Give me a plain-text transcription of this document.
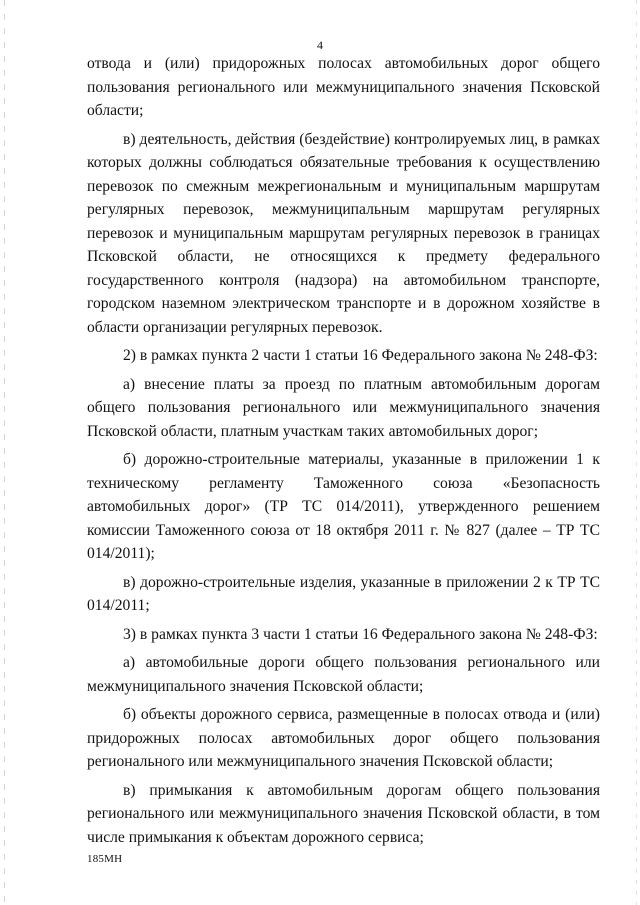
4

отвода и (или) придорожных полосах автомобильных дорог общего пользования регионального или межмуниципального значения Псковской области;

в) деятельность, действия (бездействие) контролируемых лиц, в рамках которых должны соблюдаться обязательные требования к осуществлению перевозок по смежным межрегиональным и муниципальным маршрутам регулярных перевозок, межмуниципальным маршрутам регулярных перевозок и муниципальным маршрутам регулярных перевозок в границах Псковской области, не относящихся к предмету федерального государственного контроля (надзора) на автомобильном транспорте, городском наземном электрическом транспорте и в дорожном хозяйстве в области организации регулярных перевозок.

2) в рамках пункта 2 части 1 статьи 16 Федерального закона № 248-ФЗ:

а) внесение платы за проезд по платным автомобильным дорогам общего пользования регионального или межмуниципального значения Псковской области, платным участкам таких автомобильных дорог;

б) дорожно-строительные материалы, указанные в приложении 1 к техническому регламенту Таможенного союза «Безопасность автомобильных дорог» (ТР ТС 014/2011), утвержденного решением комиссии Таможенного союза от 18 октября 2011 г. № 827 (далее – ТР ТС 014/2011);

в) дорожно-строительные изделия, указанные в приложении 2 к ТР ТС 014/2011;

3) в рамках пункта 3 части 1 статьи 16 Федерального закона № 248-ФЗ:

а) автомобильные дороги общего пользования регионального или межмуниципального значения Псковской области;

б) объекты дорожного сервиса, размещенные в полосах отвода и (или) придорожных полосах автомобильных дорог общего пользования регионального или межмуниципального значения Псковской области;

в) примыкания к автомобильным дорогам общего пользования регионального или межмуниципального значения Псковской области, в том числе примыкания к объектам дорожного сервиса;

185МН
